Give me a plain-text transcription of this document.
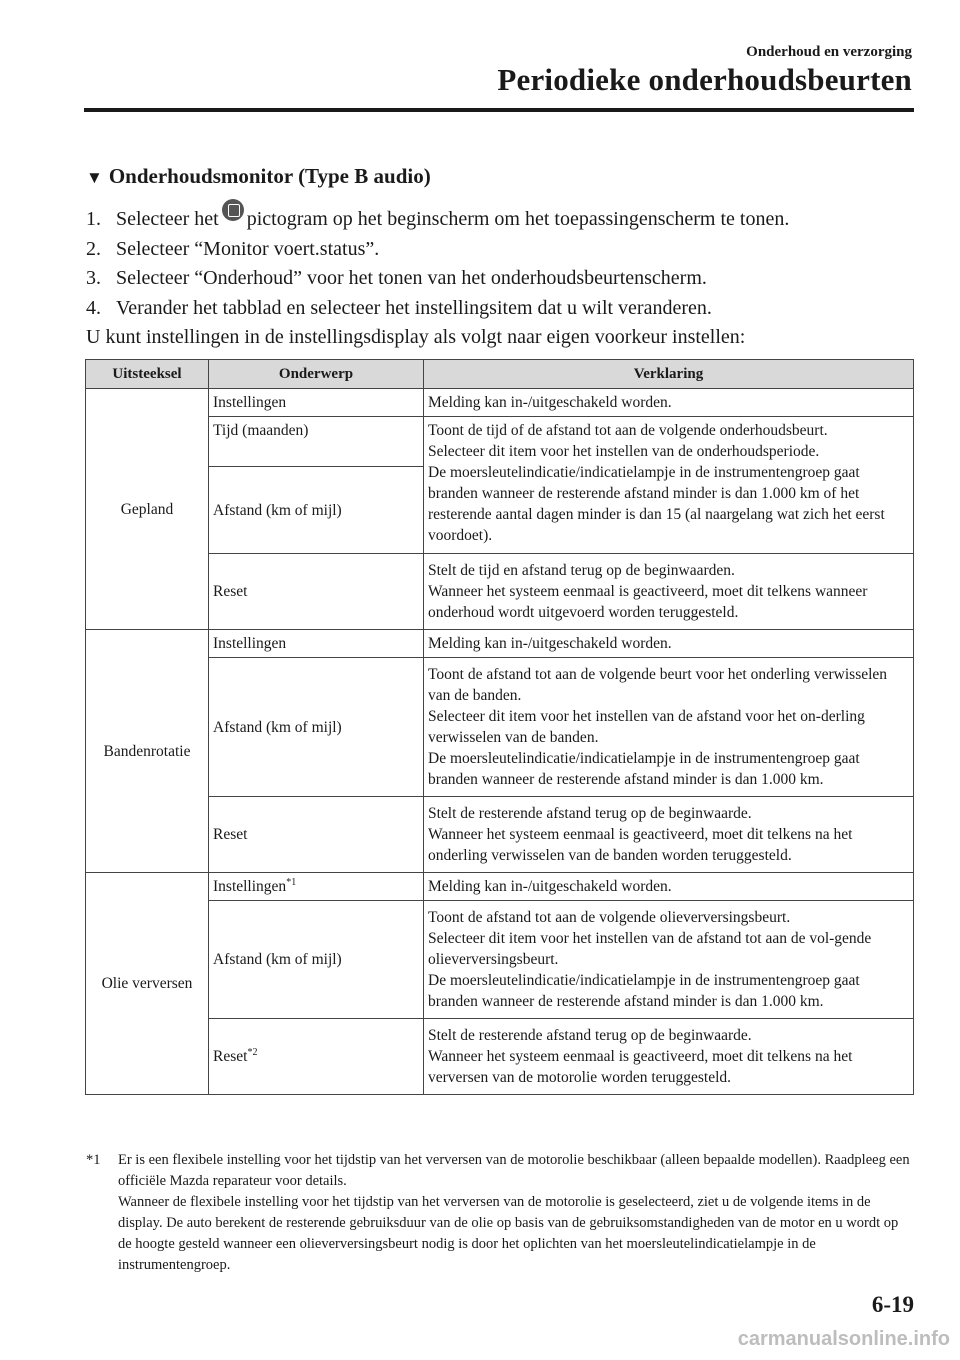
Onderhoud en verzorging
Periodieke onderhoudsbeurten
▼ Onderhoudsmonitor (Type B audio)
1. Selecteer het pictogram op het beginscherm om het toepassingenscherm te tonen.
2. Selecteer “Monitor voert.status”.
3. Selecteer “Onderhoud” voor het tonen van het onderhoudsbeurtenscherm.
4. Verander het tabblad en selecteer het instellingsitem dat u wilt veranderen.
U kunt instellingen in de instellingsdisplay als volgt naar eigen voorkeur instellen:
Uitsteeksel	Onderwerp	Verklaring
Gepland	Instellingen	Melding kan in-/uitgeschakeld worden.
	Tijd (maanden)	Toont de tijd of de afstand tot aan de volgende onderhoudsbeurt.
Selecteer dit item voor het instellen van de onderhoudsperiode.
De moersleutelindicatie/indicatielampje in de instrumentengroep gaat branden wanneer de resterende afstand minder is dan 1.000 km of het resterende aantal dagen minder is dan 15 (al naargelang wat zich het eerst voordoet).
	Afstand (km of mijl)	
	Reset	Stelt de tijd en afstand terug op de beginwaarden.
Wanneer het systeem eenmaal is geactiveerd, moet dit telkens wanneer onderhoud wordt uitgevoerd worden teruggesteld.
Bandenrotatie	Instellingen	Melding kan in-/uitgeschakeld worden.
	Afstand (km of mijl)	Toont de afstand tot aan de volgende beurt voor het onderling verwisselen van de banden.
Selecteer dit item voor het instellen van de afstand voor het on-derling verwisselen van de banden.
De moersleutelindicatie/indicatielampje in de instrumentengroep gaat branden wanneer de resterende afstand minder is dan 1.000 km.
	Reset	Stelt de resterende afstand terug op de beginwaarde.
Wanneer het systeem eenmaal is geactiveerd, moet dit telkens na het onderling verwisselen van de banden worden teruggesteld.
Olie verversen	Instellingen$^{*1}$	Melding kan in-/uitgeschakeld worden.
	Afstand (km of mijl)	Toont de afstand tot aan de volgende olieverversingsbeurt.
Selecteer dit item voor het instellen van de afstand tot aan de vol-gende olieverversingsbeurt.
De moersleutelindicatie/indicatielampje in de instrumentengroep gaat branden wanneer de resterende afstand minder is dan 1.000 km.
	Reset$^{*2}$	Stelt de resterende afstand terug op de beginwaarde.
Wanneer het systeem eenmaal is geactiveerd, moet dit telkens na het verversen van de motorolie worden teruggesteld.
*1 Er is een flexibele instelling voor het tijdstip van het verversen van de motorolie beschikbaar (alleen bepaalde modellen). Raadpleeg een officiële Mazda reparateur voor details.
Wanneer de flexibele instelling voor het tijdstip van het verversen van de motorolie is geselecteerd, ziet u de volgende items in de display. De auto berekent de resterende gebruiksduur van de olie op basis van de gebruiksomstandigheden van de motor en u wordt op de hoogte gesteld wanneer een olieverversingsbeurt nodig is door het oplichten van het moersleutelindicatielampje in de instrumentengroep.
6-19
carmanualsonline.info
